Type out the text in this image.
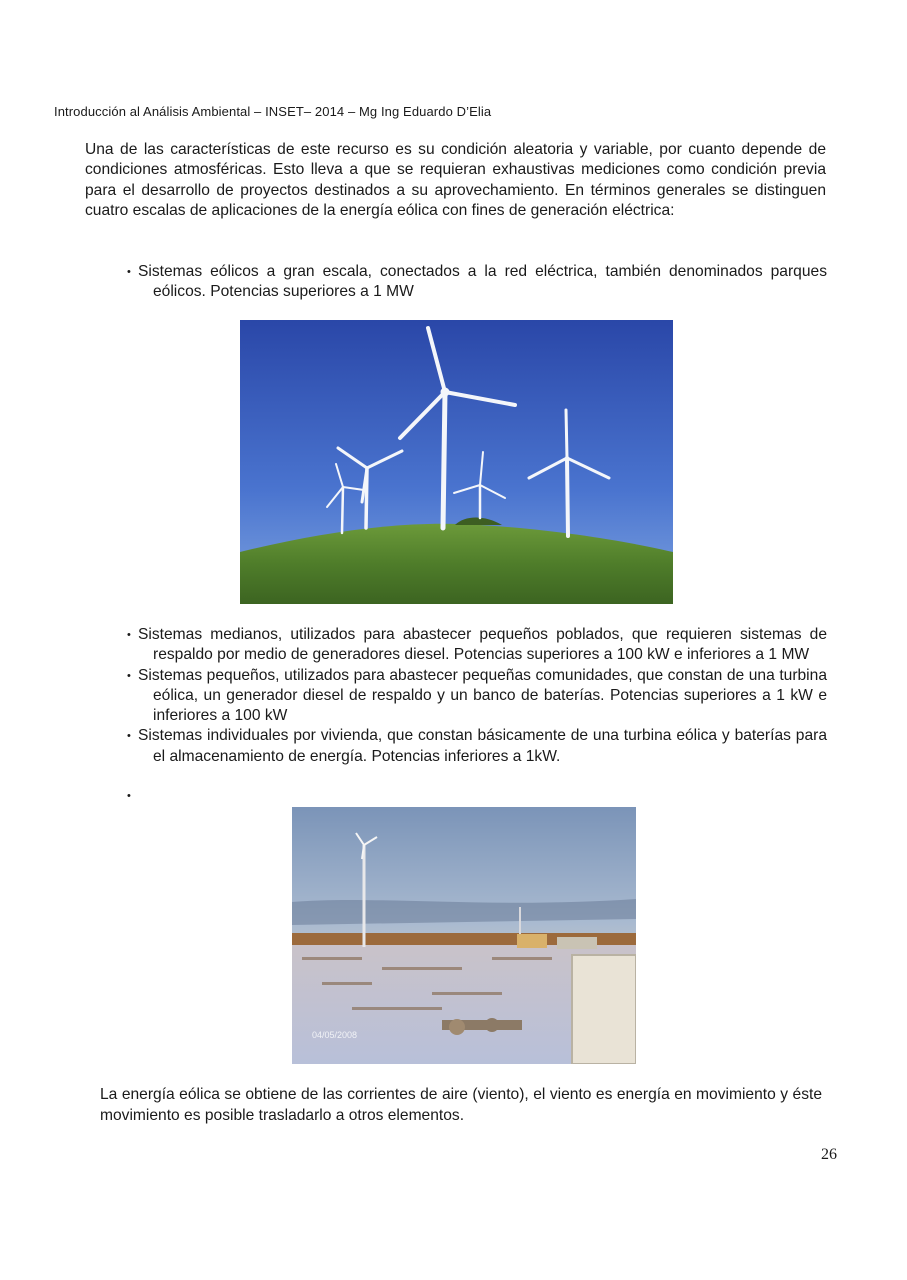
Introducción al Análisis Ambiental – INSET– 2014 – Mg Ing Eduardo D’Elia

Una de las características de este recurso es su condición aleatoria y variable, por cuanto depende de condiciones atmosféricas. Esto lleva a que se requieran exhaustivas mediciones como condición previa para el desarrollo de proyectos destinados a su aprovechamiento. En términos generales se distinguen cuatro escalas de aplicaciones de la energía eólica con fines de generación eléctrica:

• Sistemas eólicos a gran escala, conectados a la red eléctrica, también denominados parques eólicos. Potencias superiores a 1 MW
• Sistemas medianos, utilizados para abastecer pequeños poblados, que requieren sistemas de respaldo por medio de generadores diesel. Potencias superiores a 100 kW e inferiores a 1 MW
• Sistemas pequeños, utilizados para abastecer pequeñas comunidades, que constan de una turbina eólica, un generador diesel de respaldo y un banco de baterías. Potencias superiores a 1 kW e inferiores a 100 kW
• Sistemas individuales por vivienda, que constan básicamente de una turbina eólica y baterías para el almacenamiento de energía. Potencias inferiores a 1kW.
•
04/05/2008

La energía eólica se obtiene de las corrientes de aire (viento), el viento es energía en movimiento y éste movimiento es posible trasladarlo a otros elementos.

26
